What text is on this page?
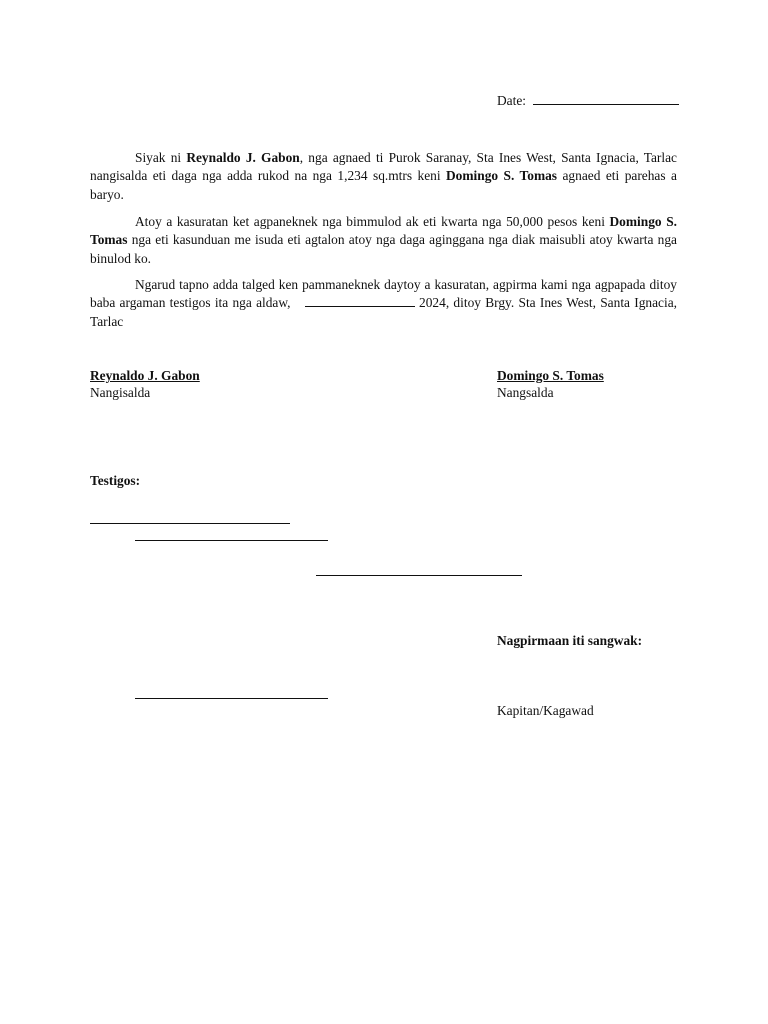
Date:

Siyak ni Reynaldo J. Gabon, nga agnaed ti Purok Saranay, Sta Ines West, Santa Ignacia, Tarlac nangisalda eti daga nga adda rukod na nga 1,234 sq.mtrs keni Domingo S. Tomas agnaed eti parehas a baryo.

Atoy a kasuratan ket agpaneknek nga bimmulod ak eti kwarta nga 50,000 pesos keni Domingo S. Tomas nga eti kasunduan me isuda eti agtalon atoy nga daga aginggana nga diak maisubli atoy kwarta nga binulod ko.

Ngarud tapno adda talged ken pammaneknek daytoy a kasuratan, agpirma kami nga agpapada ditoy baba argaman testigos ita nga aldaw,	2024, ditoy Brgy. Sta Ines West, Santa Ignacia, Tarlac

Reynaldo J. Gabon
Nangisalda
Domingo S. Tomas
Nangsalda
Testigos:
Nagpirmaan iti sangwak:
Kapitan/Kagawad
